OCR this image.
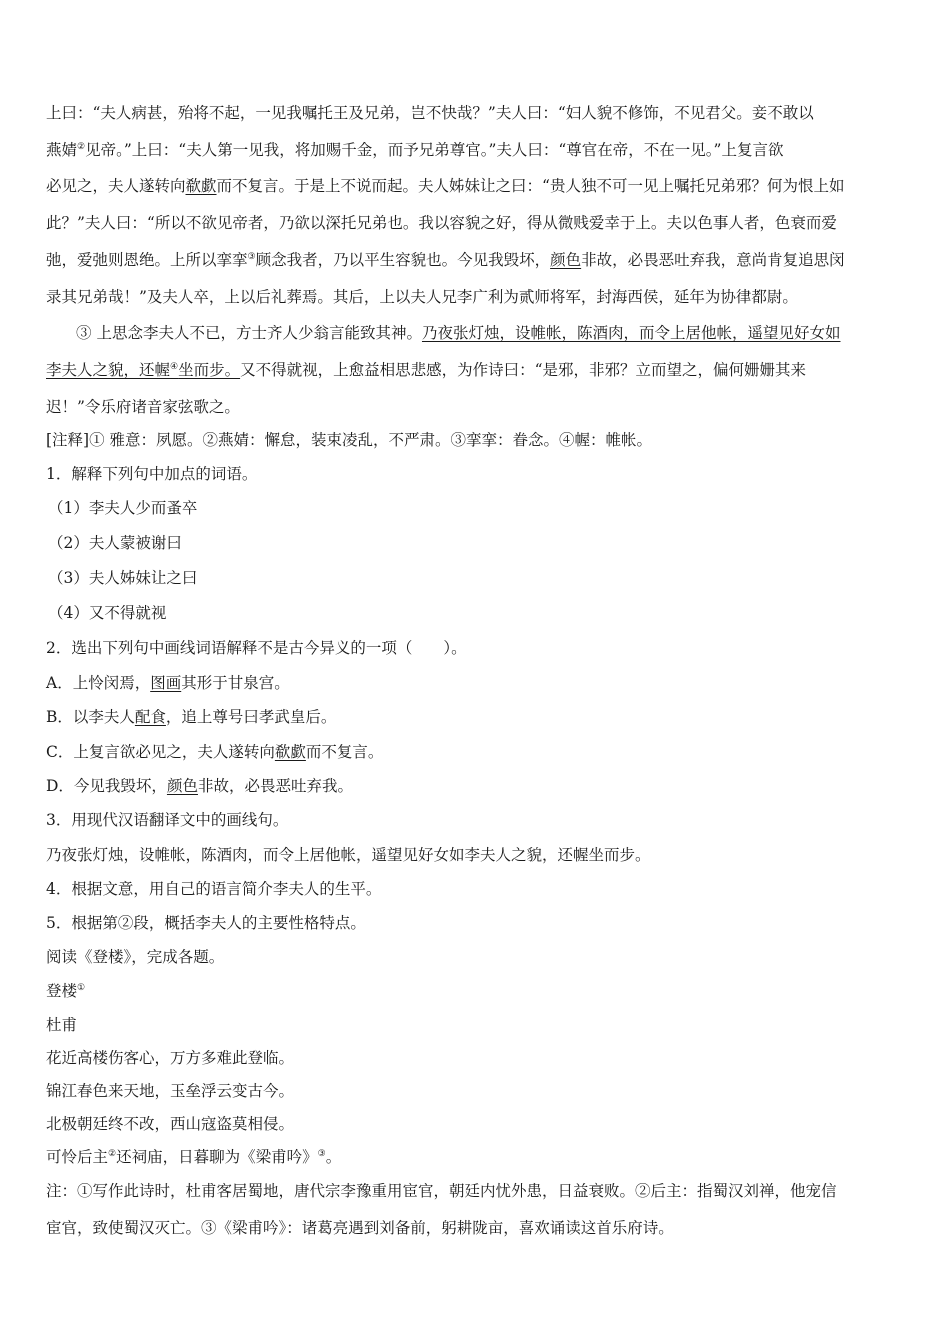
上曰：“夫人病甚，殆将不起，一见我嘱托王及兄弟，岂不快哉？”夫人曰：“妇人貌不修饰，不见君父。妾不敢以
燕婧②见帝。”上曰：“夫人第一见我，将加赐千金，而予兄弟尊官。”夫人曰：“尊官在帝，不在一见。”上复言欲
必见之，夫人遂转向欷歔而不复言。于是上不说而起。夫人姊妹让之曰：“贵人独不可一见上嘱托兄弟邪？何为恨上如
此？”夫人曰：“所以不欲见帝者，乃欲以深托兄弟也。我以容貌之好，得从微贱爱幸于上。夫以色事人者，色衰而爱
弛，爱弛则恩绝。上所以挛挛③顾念我者，乃以平生容貌也。今见我毁坏，颜色非故，必畏恶吐弃我，意尚肯复追思闵
录其兄弟哉！”及夫人卒，上以后礼葬焉。其后，上以夫人兄李广利为贰师将军，封海西侯，延年为协律都尉。
③ 上思念李夫人不已，方士齐人少翁言能致其神。乃夜张灯烛，设帷帐，陈酒肉，而令上居他帐，遥望见好女如
李夫人之貌，还幄④坐而步。又不得就视，上愈益相思悲感，为作诗曰：“是邪，非邪？立而望之，偏何姗姗其来
迟！”令乐府诸音家弦歌之。
[注释]① 雅意：夙愿。②燕婧：懈怠，装束凌乱，不严肃。③挛挛：眷念。④幄：帷帐。
1．解释下列句中加点的词语。
（1）李夫人少而蚤卒
（2）夫人蒙被谢曰
（3）夫人姊妹让之曰
（4）又不得就视
2．选出下列句中画线词语解释不是古今异义的一项（　　）。
A．上怜闵焉，图画其形于甘泉宫。
B．以李夫人配食，追上尊号曰孝武皇后。
C．上复言欲必见之，夫人遂转向欷歔而不复言。
D．今见我毁坏，颜色非故，必畏恶吐弃我。
3．用现代汉语翻译文中的画线句。
乃夜张灯烛，设帷帐，陈酒肉，而令上居他帐，遥望见好女如李夫人之貌，还幄坐而步。
4．根据文意，用自己的语言简介李夫人的生平。
5．根据第②段，概括李夫人的主要性格特点。
阅读《登楼》，完成各题。
登楼①
杜甫
花近高楼伤客心，万方多难此登临。
锦江春色来天地，玉垒浮云变古今。
北极朝廷终不改，西山寇盗莫相侵。
可怜后主②还祠庙，日暮聊为《梁甫吟》③。
注：①写作此诗时，杜甫客居蜀地，唐代宗李豫重用宦官，朝廷内忧外患，日益衰败。②后主：指蜀汉刘禅，他宠信
宦官，致使蜀汉灭亡。③《梁甫吟》：诸葛亮遇到刘备前，躬耕陇亩，喜欢诵读这首乐府诗。
